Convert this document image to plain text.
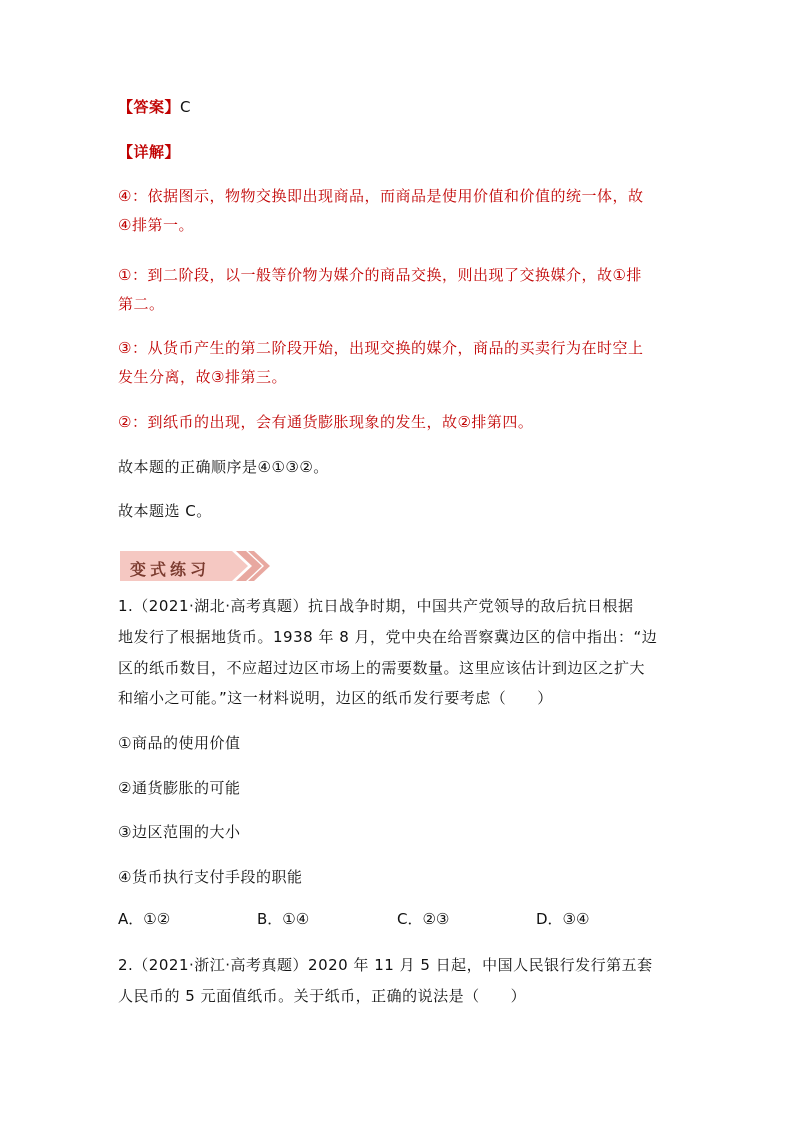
【答案】C

【详解】

④：依据图示，物物交换即出现商品，而商品是使用价值和价值的统一体，故

④排第一。

①：到二阶段，以一般等价物为媒介的商品交换，则出现了交换媒介，故①排

第二。

③：从货币产生的第二阶段开始，出现交换的媒介，商品的买卖行为在时空上

发生分离，故③排第三。

②：到纸币的出现，会有通货膨胀现象的发生，故②排第四。

故本题的正确顺序是④①③②。

故本题选 C。

变式练习

1.（2021·湖北·高考真题）抗日战争时期，中国共产党领导的敌后抗日根据

地发行了根据地货币。1938 年 8 月，党中央在给晋察冀边区的信中指出：“边

区的纸币数目，不应超过边区市场上的需要数量。这里应该估计到边区之扩大

和缩小之可能。”这一材料说明，边区的纸币发行要考虑（　　）

①商品的使用价值

②通货膨胀的可能

③边区范围的大小

④货币执行支付手段的职能

A．①②	B．①④	C．②③	D．③④

2.（2021·浙江·高考真题）2020 年 11 月 5 日起，中国人民银行发行第五套

人民币的 5 元面值纸币。关于纸币，正确的说法是（　　）
